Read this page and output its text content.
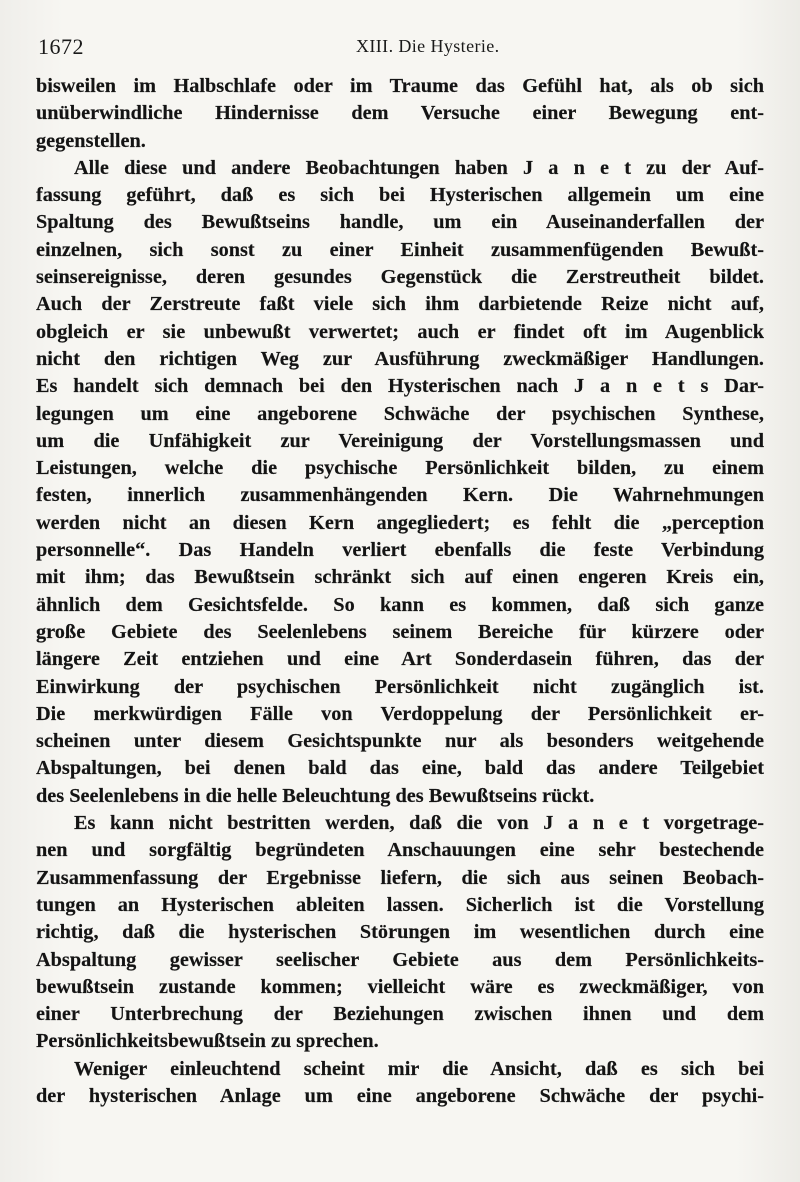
1672	XIII. Die Hysterie.
bisweilen im Halbschlafe oder im Traume das Gefühl hat, als ob sich
unüberwindliche Hindernisse dem Versuche einer Bewegung ent-
gegenstellen.
Alle diese und andere Beobachtungen haben J a n e t zu der Auf-
fassung geführt, daß es sich bei Hysterischen allgemein um eine
Spaltung des Bewußtseins handle, um ein Auseinanderfallen der
einzelnen, sich sonst zu einer Einheit zusammenfügenden Bewußt-
seinsereignisse, deren gesundes Gegenstück die Zerstreutheit bildet.
Auch der Zerstreute faßt viele sich ihm darbietende Reize nicht auf,
obgleich er sie unbewußt verwertet; auch er findet oft im Augenblick
nicht den richtigen Weg zur Ausführung zweckmäßiger Handlungen.
Es handelt sich demnach bei den Hysterischen nach J a n e t s Dar-
legungen um eine angeborene Schwäche der psychischen Synthese,
um die Unfähigkeit zur Vereinigung der Vorstellungsmassen und
Leistungen, welche die psychische Persönlichkeit bilden, zu einem
festen, innerlich zusammenhängenden Kern. Die Wahrnehmungen
werden nicht an diesen Kern angegliedert; es fehlt die „perception
personnelle“. Das Handeln verliert ebenfalls die feste Verbindung
mit ihm; das Bewußtsein schränkt sich auf einen engeren Kreis ein,
ähnlich dem Gesichtsfelde. So kann es kommen, daß sich ganze
große Gebiete des Seelenlebens seinem Bereiche für kürzere oder
längere Zeit entziehen und eine Art Sonderdasein führen, das der
Einwirkung der psychischen Persönlichkeit nicht zugänglich ist.
Die merkwürdigen Fälle von Verdoppelung der Persönlichkeit er-
scheinen unter diesem Gesichtspunkte nur als besonders weitgehende
Abspaltungen, bei denen bald das eine, bald das andere Teilgebiet
des Seelenlebens in die helle Beleuchtung des Bewußtseins rückt.
Es kann nicht bestritten werden, daß die von J a n e t vorgetrage-
nen und sorgfältig begründeten Anschauungen eine sehr bestechende
Zusammenfassung der Ergebnisse liefern, die sich aus seinen Beobach-
tungen an Hysterischen ableiten lassen. Sicherlich ist die Vorstellung
richtig, daß die hysterischen Störungen im wesentlichen durch eine
Abspaltung gewisser seelischer Gebiete aus dem Persönlichkeits-
bewußtsein zustande kommen; vielleicht wäre es zweckmäßiger, von
einer Unterbrechung der Beziehungen zwischen ihnen und dem
Persönlichkeitsbewußtsein zu sprechen.
Weniger einleuchtend scheint mir die Ansicht, daß es sich bei
der hysterischen Anlage um eine angeborene Schwäche der psychi-
